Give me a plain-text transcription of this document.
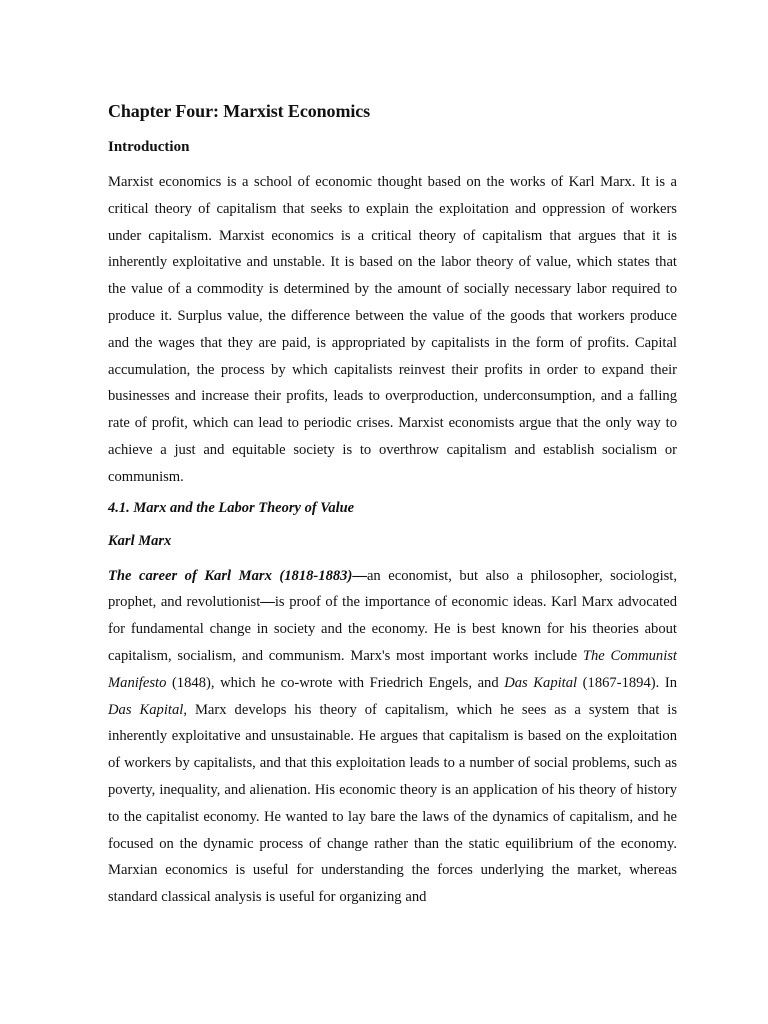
Chapter Four: Marxist Economics
Introduction

Marxist economics is a school of economic thought based on the works of Karl Marx. It is a critical theory of capitalism that seeks to explain the exploitation and oppression of workers under capitalism. Marxist economics is a critical theory of capitalism that argues that it is inherently exploitative and unstable. It is based on the labor theory of value, which states that the value of a commodity is determined by the amount of socially necessary labor required to produce it. Surplus value, the difference between the value of the goods that workers produce and the wages that they are paid, is appropriated by capitalists in the form of profits. Capital accumulation, the process by which capitalists reinvest their profits in order to expand their businesses and increase their profits, leads to overproduction, underconsumption, and a falling rate of profit, which can lead to periodic crises. Marxist economists argue that the only way to achieve a just and equitable society is to overthrow capitalism and establish socialism or communism.

4.1. Marx and the Labor Theory of Value
Karl Marx

The career of Karl Marx (1818-1883)—an economist, but also a philosopher, sociologist, prophet, and revolutionist—is proof of the importance of economic ideas. Karl Marx advocated for fundamental change in society and the economy. He is best known for his theories about capitalism, socialism, and communism. Marx's most important works include The Communist Manifesto (1848), which he co-wrote with Friedrich Engels, and Das Kapital (1867-1894). In Das Kapital, Marx develops his theory of capitalism, which he sees as a system that is inherently exploitative and unsustainable. He argues that capitalism is based on the exploitation of workers by capitalists, and that this exploitation leads to a number of social problems, such as poverty, inequality, and alienation. His economic theory is an application of his theory of history to the capitalist economy. He wanted to lay bare the laws of the dynamics of capitalism, and he focused on the dynamic process of change rather than the static equilibrium of the economy. Marxian economics is useful for understanding the forces underlying the market, whereas standard classical analysis is useful for organizing and
